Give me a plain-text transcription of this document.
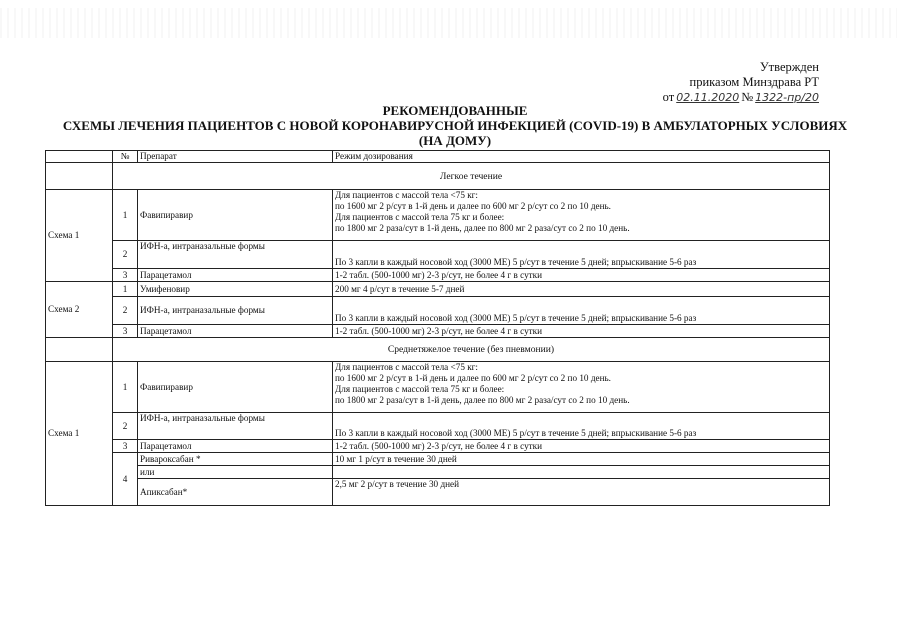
Утвержден
приказом Минздрава РТ
от 02.11.2020 № 1322-пр/20
РЕКОМЕНДОВАННЫЕ
СХЕМЫ ЛЕЧЕНИЯ ПАЦИЕНТОВ С НОВОЙ КОРОНАВИРУСНОЙ ИНФЕКЦИЕЙ (COVID-19) В АМБУЛАТОРНЫХ УСЛОВИЯХ
(НА ДОМУ)
	№	Препарат	Режим дозирования
	Легкое течение		
Схема 1	1	Фавипиравир	Для пациентов с массой тела <75 кг:
по 1600 мг 2 р/сут в 1-й день и далее по 600 мг 2 р/сут со 2 по 10 день.
Для пациентов с массой тела 75 кг и более:
по 1800 мг 2 раза/сут в 1-й день, далее по 800 мг 2 раза/сут со 2 по 10 день.

	2	ИФН-а, интраназальные формы	По 3 капли в каждый носовой ход (3000 МЕ) 5 р/сут в течение 5 дней; впрыскивание 5-6 раз
	3	Парацетамол	1-2 табл. (500-1000 мг) 2-3 р/сут, не более 4 г в сутки
Схема 2	1	Умифеновир	200 мг 4 р/сут в течение 5-7 дней
	2	ИФН-а, интраназальные формы	По 3 капли в каждый носовой ход (3000 МЕ) 5 р/сут в течение 5 дней; впрыскивание 5-6 раз
	3	Парацетамол	1-2 табл. (500-1000 мг) 2-3 р/сут, не более 4 г в сутки
	Среднетяжелое течение (без пневмонии)		
Схема 1	1	Фавипиравир	Для пациентов с массой тела <75 кг:
по 1600 мг 2 р/сут в 1-й день и далее по 600 мг 2 р/сут со 2 по 10 день.
Для пациентов с массой тела 75 кг и более:
по 1800 мг 2 раза/сут в 1-й день, далее по 800 мг 2 раза/сут со 2 по 10 день.

	2	ИФН-а, интраназальные формы	По 3 капли в каждый носовой ход (3000 МЕ) 5 р/сут в течение 5 дней; впрыскивание 5-6 раз
	3	Парацетамол	1-2 табл. (500-1000 мг) 2-3 р/сут, не более 4 г в сутки
	4	Ривароксабан *	10 мг 1 р/сут в течение 30 дней
		или	
		Апиксабан*	2,5 мг 2 р/сут в течение 30 дней
